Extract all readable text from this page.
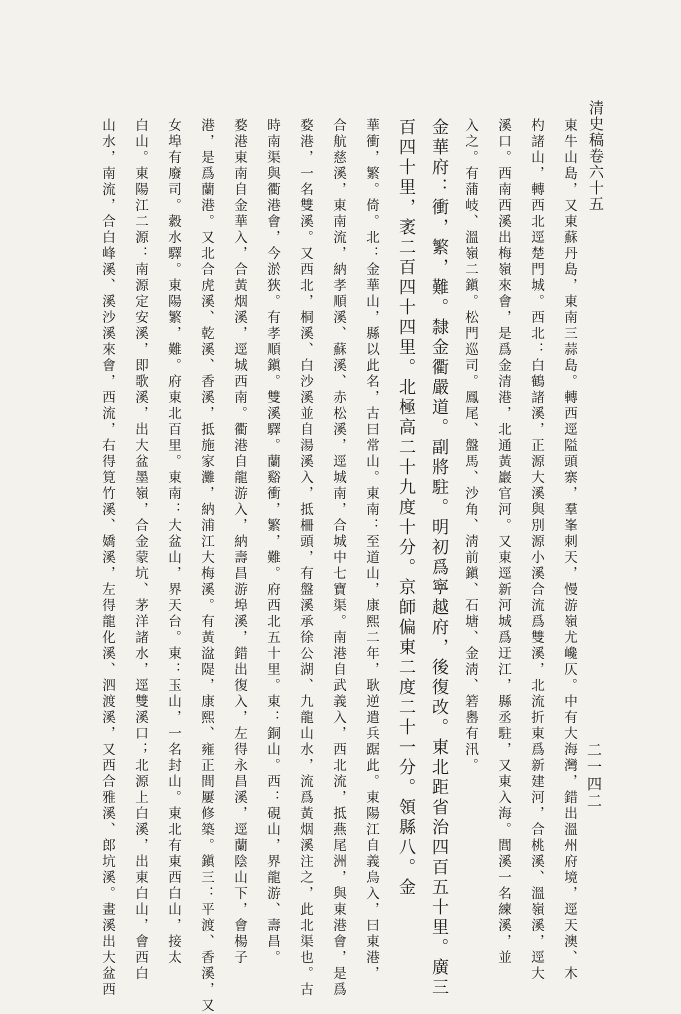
清史稿卷六十五
二一四二
東牛山島，又東蘇丹島，東南三蒜島。轉西逕隘頭寨，羣峯刺天，慢游嶺尤巉仄。中有大海灣，錯出溫州府境，逕天澳、木
杓諸山，轉西北逕楚門城。西北：白鶴諸溪，正源大溪與別源小溪合流爲雙溪，北流折東爲新建河，合桃溪、溫嶺溪，逕大
溪口。西南西溪出梅嶺來會，是爲金清港，北通黃巖官河。又東逕新河城爲迂江，縣丞駐，又東入海。閭溪一名練溪，並
入之。有蒲岐、溫嶺二鎭。松門巡司。鳳尾、盤馬、沙角、淸前鎭、石塘、金淸、箬嶴有汛。
金華府：衝，繁，難。隸金衢嚴道。副將駐。明初爲寧越府，後復改。東北距省治四百五十里。廣三
百四十里，袤二百四十四里。北極高二十九度十分。京師偏東二度二十一分。領縣八。金
華衝，繁。倚。北：金華山，縣以此名，古曰常山。東南：至道山，康熙二年，耿逆遣兵踞此。東陽江自義烏入，曰東港，
合航慈溪，東南流，納孝順溪、蘇溪、赤松溪，逕城南，合城中七寶渠。南港自武義入，西北流，抵燕尾洲，與東港會，是爲
婺港，一名雙溪。又西北，桐溪、白沙溪並自湯溪入，抵柵頭，有盤溪承徐公湖、九龍山水，流爲黃烟溪注之，此北渠也。古
時南渠與衢港會，今淤狹。有孝順鎭。雙溪驛。蘭谿衝，繁，難。府西北五十里。東：銅山。西：硯山，界龍游、壽昌。
婺港東南自金華入，合黃烟溪，逕城西南。衢港自龍游入，納壽昌游埠溪，錯出復入，左得永昌溪，逕蘭陰山下，會楊子
港，是爲蘭港。又北合虎溪、乾溪、香溪，抵施家灘，納浦江大梅溪。有黃湓隄，康熙、雍正間屢修築。鎭三：平渡、香溪，又
女埠有廢司。縠水驛。東陽繁，難。府東北百里。東南：大盆山，界天台。東：玉山，一名封山。東北有東西白山，接太
白山。東陽江二源：南源定安溪，即歌溪，出大盆墨嶺，合金蒙坑、茅洋諸水，逕雙溪口；北源上白溪，出東白山，會西白
山水，南流，合白峰溪、溪沙溪來會，西流，右得筧竹溪、嬌溪，左得龍化溪、泗渡溪，又西合雅溪、郎坑溪。畫溪出大盆西
